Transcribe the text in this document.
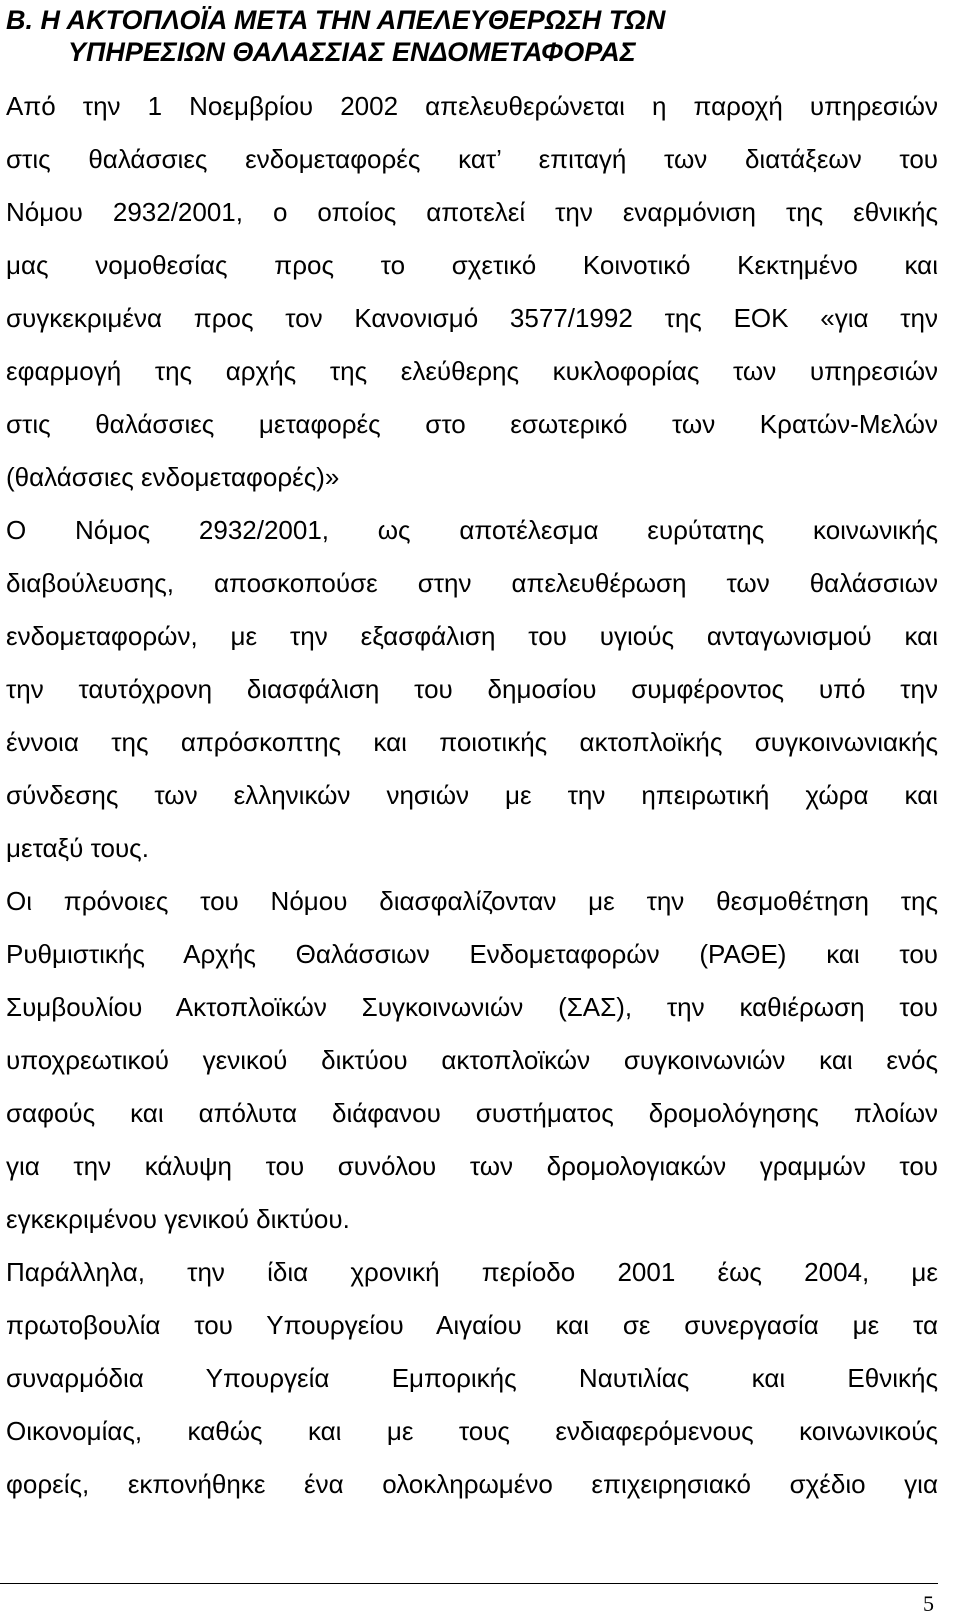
B. Η ΑΚΤΟΠΛΟΪΑ ΜΕΤΑ ΤΗΝ ΑΠΕΛΕΥΘΕΡΩΣΗ ΤΩΝ
ΥΠΗΡΕΣΙΩΝ ΘΑΛΑΣΣΙΑΣ ΕΝΔΟΜΕΤΑΦΟΡΑΣ
Από την 1 Νοεμβρίου 2002 απελευθερώνεται η παροχή υπηρεσιών
στις θαλάσσιες ενδομεταφορές κατ’ επιταγή των διατάξεων του
Νόμου 2932/2001, ο οποίος αποτελεί την εναρμόνιση της εθνικής
μας νομοθεσίας προς το σχετικό Κοινοτικό Κεκτημένο και
συγκεκριμένα προς τον Κανονισμό 3577/1992 της ΕΟΚ «για την
εφαρμογή της αρχής της ελεύθερης κυκλοφορίας των υπηρεσιών
στις θαλάσσιες μεταφορές στο εσωτερικό των Κρατών-Μελών
(θαλάσσιες ενδομεταφορές)»
Ο Νόμος 2932/2001, ως αποτέλεσμα ευρύτατης κοινωνικής
διαβούλευσης, αποσκοπούσε στην απελευθέρωση των θαλάσσιων
ενδομεταφορών, με την εξασφάλιση του υγιούς ανταγωνισμού και
την ταυτόχρονη διασφάλιση του δημοσίου συμφέροντος υπό την
έννοια της απρόσκοπτης και ποιοτικής ακτοπλοϊκής συγκοινωνιακής
σύνδεσης των ελληνικών νησιών με την ηπειρωτική χώρα και
μεταξύ τους.
Οι πρόνοιες του Νόμου διασφαλίζονταν με την θεσμοθέτηση της
Ρυθμιστικής Αρχής Θαλάσσιων Ενδομεταφορών (ΡΑΘΕ) και του
Συμβουλίου Ακτοπλοϊκών Συγκοινωνιών (ΣΑΣ), την καθιέρωση του
υποχρεωτικού γενικού δικτύου ακτοπλοϊκών συγκοινωνιών και ενός
σαφούς και απόλυτα διάφανου συστήματος δρομολόγησης πλοίων
για την κάλυψη του συνόλου των δρομολογιακών γραμμών του
εγκεκριμένου γενικού δικτύου.
Παράλληλα, την ίδια χρονική περίοδο 2001 έως 2004, με
πρωτοβουλία του Υπουργείου Αιγαίου και σε συνεργασία με τα
συναρμόδια Υπουργεία Εμπορικής Ναυτιλίας και Εθνικής
Οικονομίας, καθώς και με τους ενδιαφερόμενους κοινωνικούς
φορείς, εκπονήθηκε ένα ολοκληρωμένο επιχειρησιακό σχέδιο για
5
